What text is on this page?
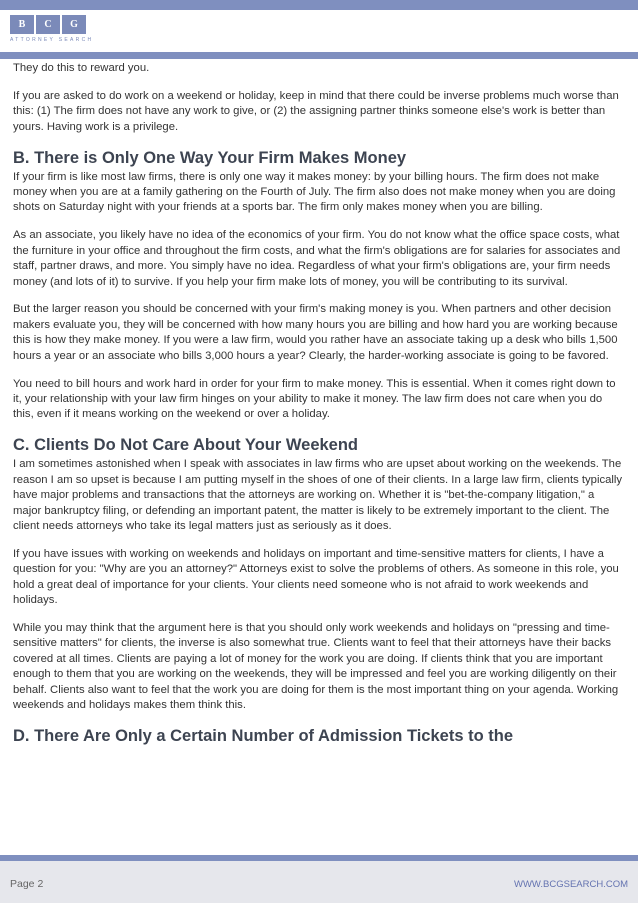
B	C	G
ATTORNEY SEARCH

They do this to reward you.

If you are asked to do work on a weekend or holiday, keep in mind that there could be inverse problems much worse than this: (1) The firm does not have any work to give, or (2) the assigning partner thinks someone else's work is better than yours. Having work is a privilege.

B. There is Only One Way Your Firm Makes Money

If your firm is like most law firms, there is only one way it makes money: by your billing hours. The firm does not make money when you are at a family gathering on the Fourth of July. The firm also does not make money when you are doing shots on Saturday night with your friends at a sports bar. The firm only makes money when you are billing.

As an associate, you likely have no idea of the economics of your firm. You do not know what the office space costs, what the furniture in your office and throughout the firm costs, and what the firm's obligations are for salaries for associates and staff, partner draws, and more. You simply have no idea. Regardless of what your firm's obligations are, your firm needs money (and lots of it) to survive. If you help your firm make lots of money, you will be contributing to its survival.

But the larger reason you should be concerned with your firm's making money is you. When partners and other decision makers evaluate you, they will be concerned with how many hours you are billing and how hard you are working because this is how they make money. If you were a law firm, would you rather have an associate taking up a desk who bills 1,500 hours a year or an associate who bills 3,000 hours a year? Clearly, the harder-working associate is going to be favored.

You need to bill hours and work hard in order for your firm to make money. This is essential. When it comes right down to it, your relationship with your law firm hinges on your ability to make it money. The law firm does not care when you do this, even if it means working on the weekend or over a holiday.

C. Clients Do Not Care About Your Weekend

I am sometimes astonished when I speak with associates in law firms who are upset about working on the weekends. The reason I am so upset is because I am putting myself in the shoes of one of their clients. In a large law firm, clients typically have major problems and transactions that the attorneys are working on. Whether it is "bet-the-company litigation," a major bankruptcy filing, or defending an important patent, the matter is likely to be extremely important to the client. The client needs attorneys who take its legal matters just as seriously as it does.

If you have issues with working on weekends and holidays on important and time-sensitive matters for clients, I have a question for you: "Why are you an attorney?" Attorneys exist to solve the problems of others. As someone in this role, you hold a great deal of importance for your clients. Your clients need someone who is not afraid to work weekends and holidays.

While you may think that the argument here is that you should only work weekends and holidays on "pressing and time-sensitive matters" for clients, the inverse is also somewhat true. Clients want to feel that their attorneys have their backs covered at all times. Clients are paying a lot of money for the work you are doing. If clients think that you are important enough to them that you are working on the weekends, they will be impressed and feel you are working diligently on their behalf. Clients also want to feel that the work you are doing for them is the most important thing on your agenda. Working weekends and holidays makes them think this.

D. There Are Only a Certain Number of Admission Tickets to the
Page 2	WWW.BCGSEARCH.COM
